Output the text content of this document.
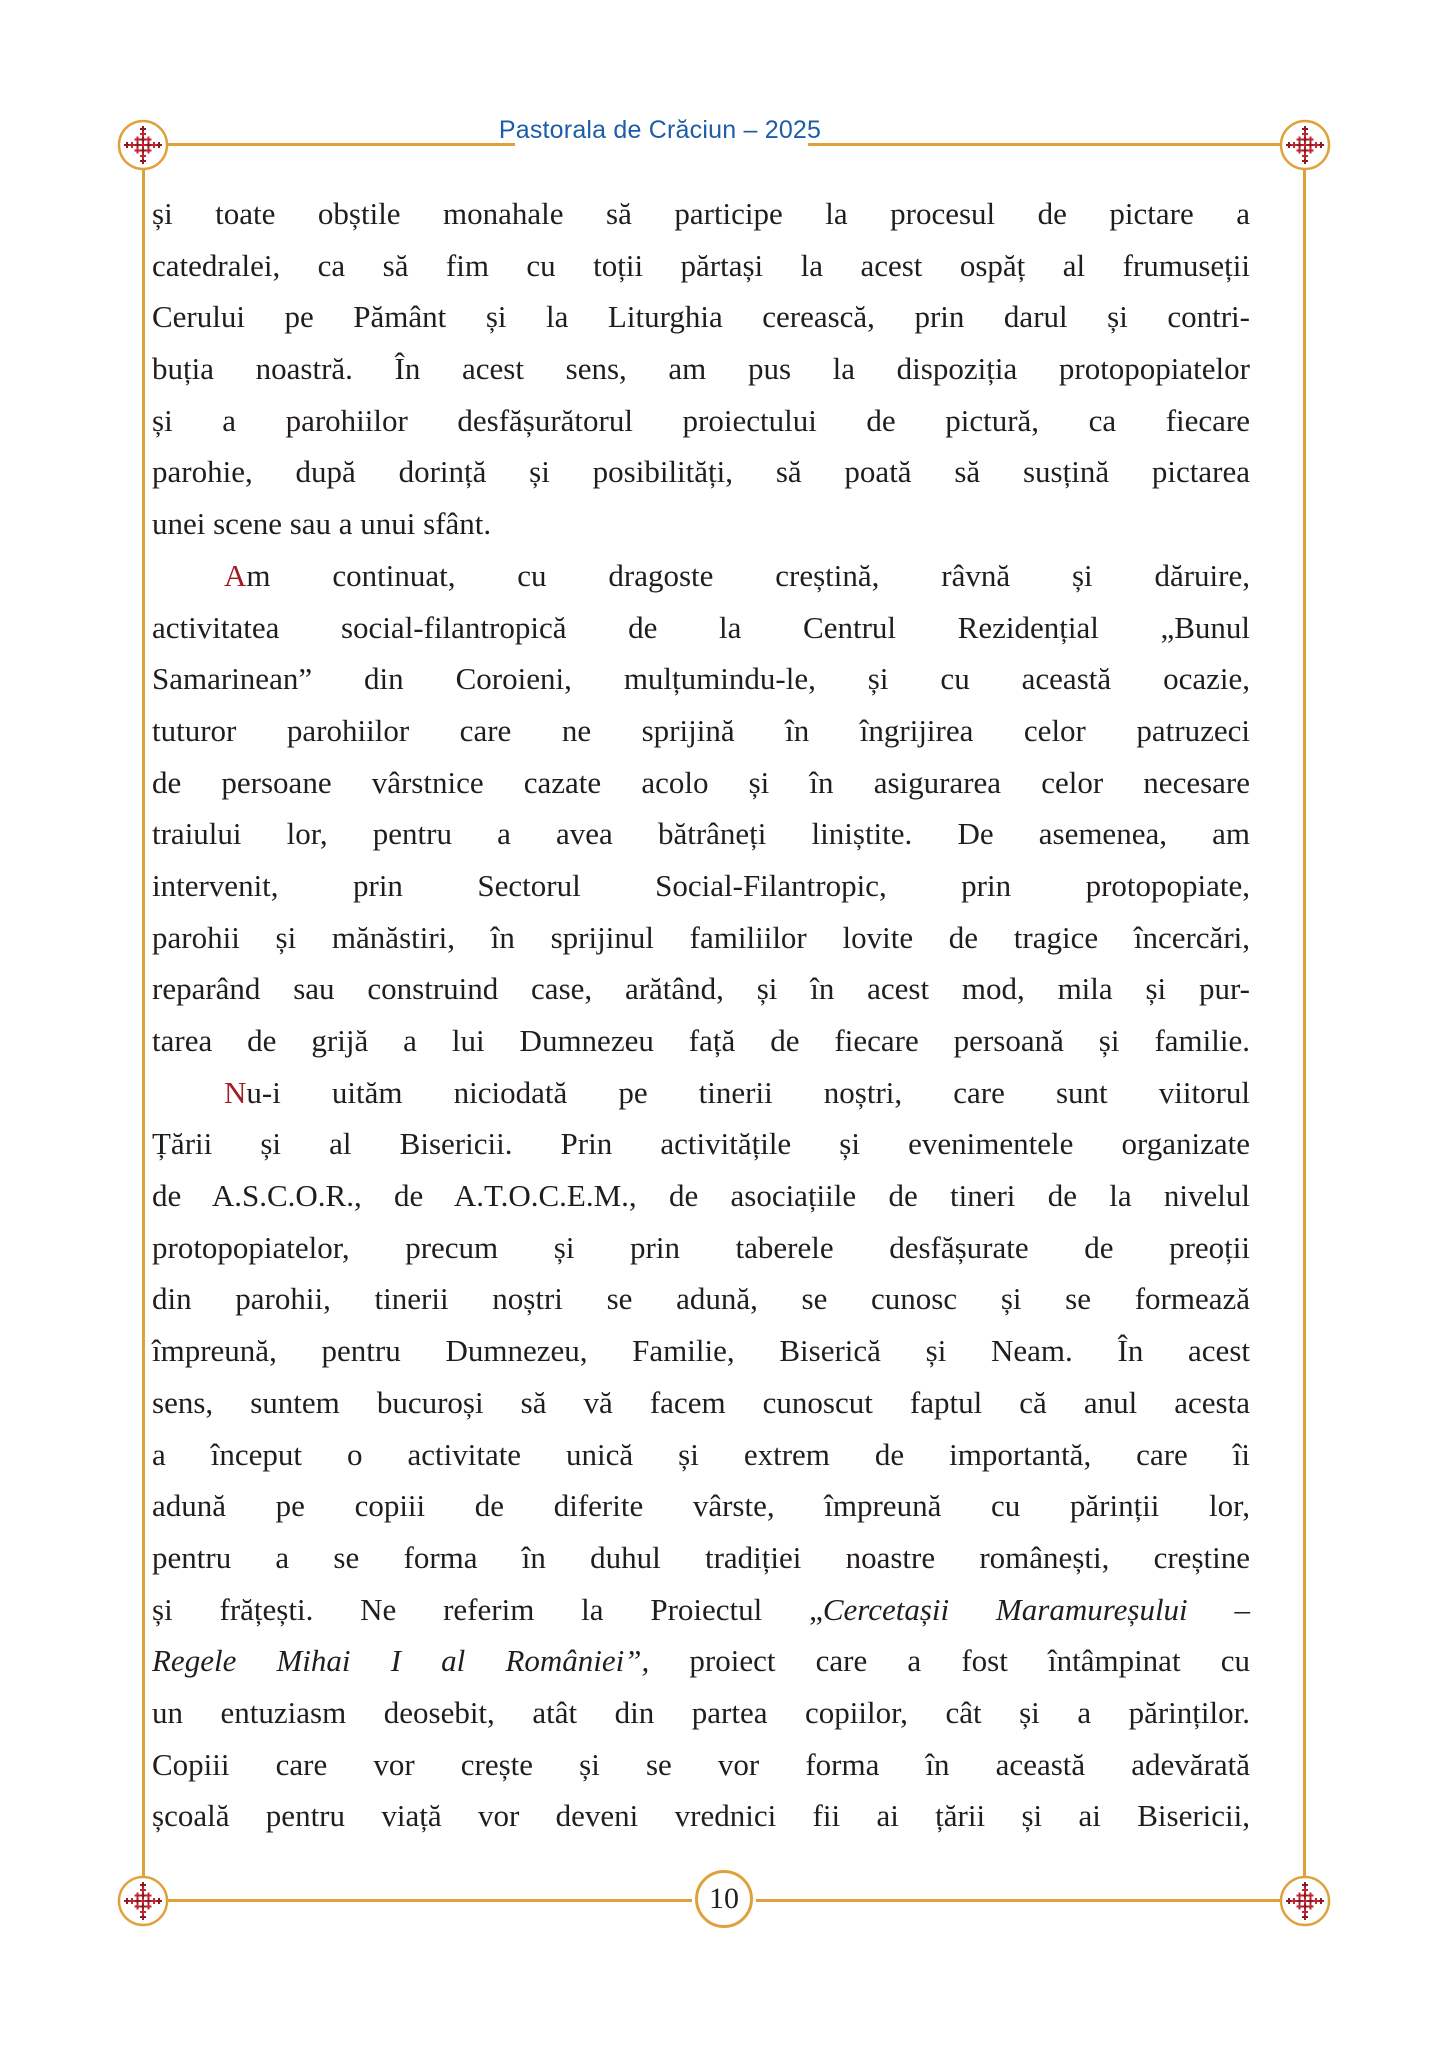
Pastorala de Crăciun – 2025
și toate obștile monahale să participe la procesul de pictare a
catedralei, ca să fim cu toții părtași la acest ospăț al frumuseții
Cerului pe Pământ și la Liturghia cerească, prin darul și contri-
buția noastră. În acest sens, am pus la dispoziția protopopiatelor
și a parohiilor desfășurătorul proiectului de pictură, ca fiecare
parohie, după dorință și posibilități, să poată să susțină pictarea
unei scene sau a unui sfânt.
Am continuat, cu dragoste creștină, râvnă și dăruire,
activitatea social-filantropică de la Centrul Rezidențial „Bunul
Samarinean” din Coroieni, mulțumindu-le, și cu această ocazie,
tuturor parohiilor care ne sprijină în îngrijirea celor patruzeci
de persoane vârstnice cazate acolo și în asigurarea celor necesare
traiului lor, pentru a avea bătrâneți liniștite. De asemenea, am
intervenit, prin Sectorul Social-Filantropic, prin protopopiate,
parohii și mănăstiri, în sprijinul familiilor lovite de tragice încercări,
reparând sau construind case, arătând, și în acest mod, mila și pur-
tarea de grijă a lui Dumnezeu față de fiecare persoană și familie.
Nu-i uităm niciodată pe tinerii noștri, care sunt viitorul
Țării și al Bisericii. Prin activitățile și evenimentele organizate
de A.S.C.O.R., de A.T.O.C.E.M., de asociațiile de tineri de la nivelul
protopopiatelor, precum și prin taberele desfășurate de preoții
din parohii, tinerii noștri se adună, se cunosc și se formează
împreună, pentru Dumnezeu, Familie, Biserică și Neam. În acest
sens, suntem bucuroși să vă facem cunoscut faptul că anul acesta
a început o activitate unică și extrem de importantă, care îi
adună pe copiii de diferite vârste, împreună cu părinții lor,
pentru a se forma în duhul tradiției noastre românești, creștine
și frățești. Ne referim la Proiectul „Cercetașii Maramureșului –
Regele Mihai I al României”, proiect care a fost întâmpinat cu
un entuziasm deosebit, atât din partea copiilor, cât și a părinților.
Copiii care vor crește și se vor forma în această adevărată
școală pentru viață vor deveni vrednici fii ai țării și ai Bisericii,
10
